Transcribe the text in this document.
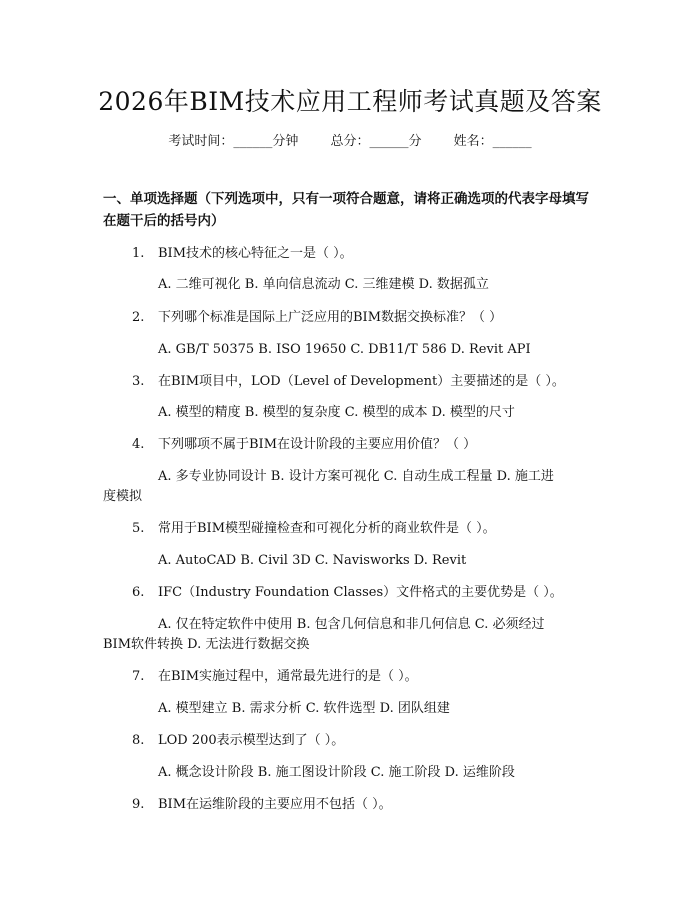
2026年BIM技术应用工程师考试真题及答案
考试时间：______分钟 总分：______分 姓名：______
一、单项选择题（下列选项中，只有一项符合题意，请将正确选项的代表字母填写在题干后的括号内）
1. BIM技术的核心特征之一是（ ）。
A. 二维可视化 B. 单向信息流动 C. 三维建模 D. 数据孤立
2. 下列哪个标准是国际上广泛应用的BIM数据交换标准？（ ）
A. GB/T 50375 B. ISO 19650 C. DB11/T 586 D. Revit API
3. 在BIM项目中，LOD（Level of Development）主要描述的是（ ）。
A. 模型的精度 B. 模型的复杂度 C. 模型的成本 D. 模型的尺寸
4. 下列哪项不属于BIM在设计阶段的主要应用价值？（ ）
A. 多专业协同设计 B. 设计方案可视化 C. 自动生成工程量 D. 施工进
度模拟
5. 常用于BIM模型碰撞检查和可视化分析的商业软件是（ ）。
A. AutoCAD B. Civil 3D C. Navisworks D. Revit
6. IFC（Industry Foundation Classes）文件格式的主要优势是（ ）。
A. 仅在特定软件中使用 B. 包含几何信息和非几何信息 C. 必须经过
BIM软件转换 D. 无法进行数据交换
7. 在BIM实施过程中，通常最先进行的是（ ）。
A. 模型建立 B. 需求分析 C. 软件选型 D. 团队组建
8. LOD 200表示模型达到了（ ）。
A. 概念设计阶段 B. 施工图设计阶段 C. 施工阶段 D. 运维阶段
9. BIM在运维阶段的主要应用不包括（ ）。
